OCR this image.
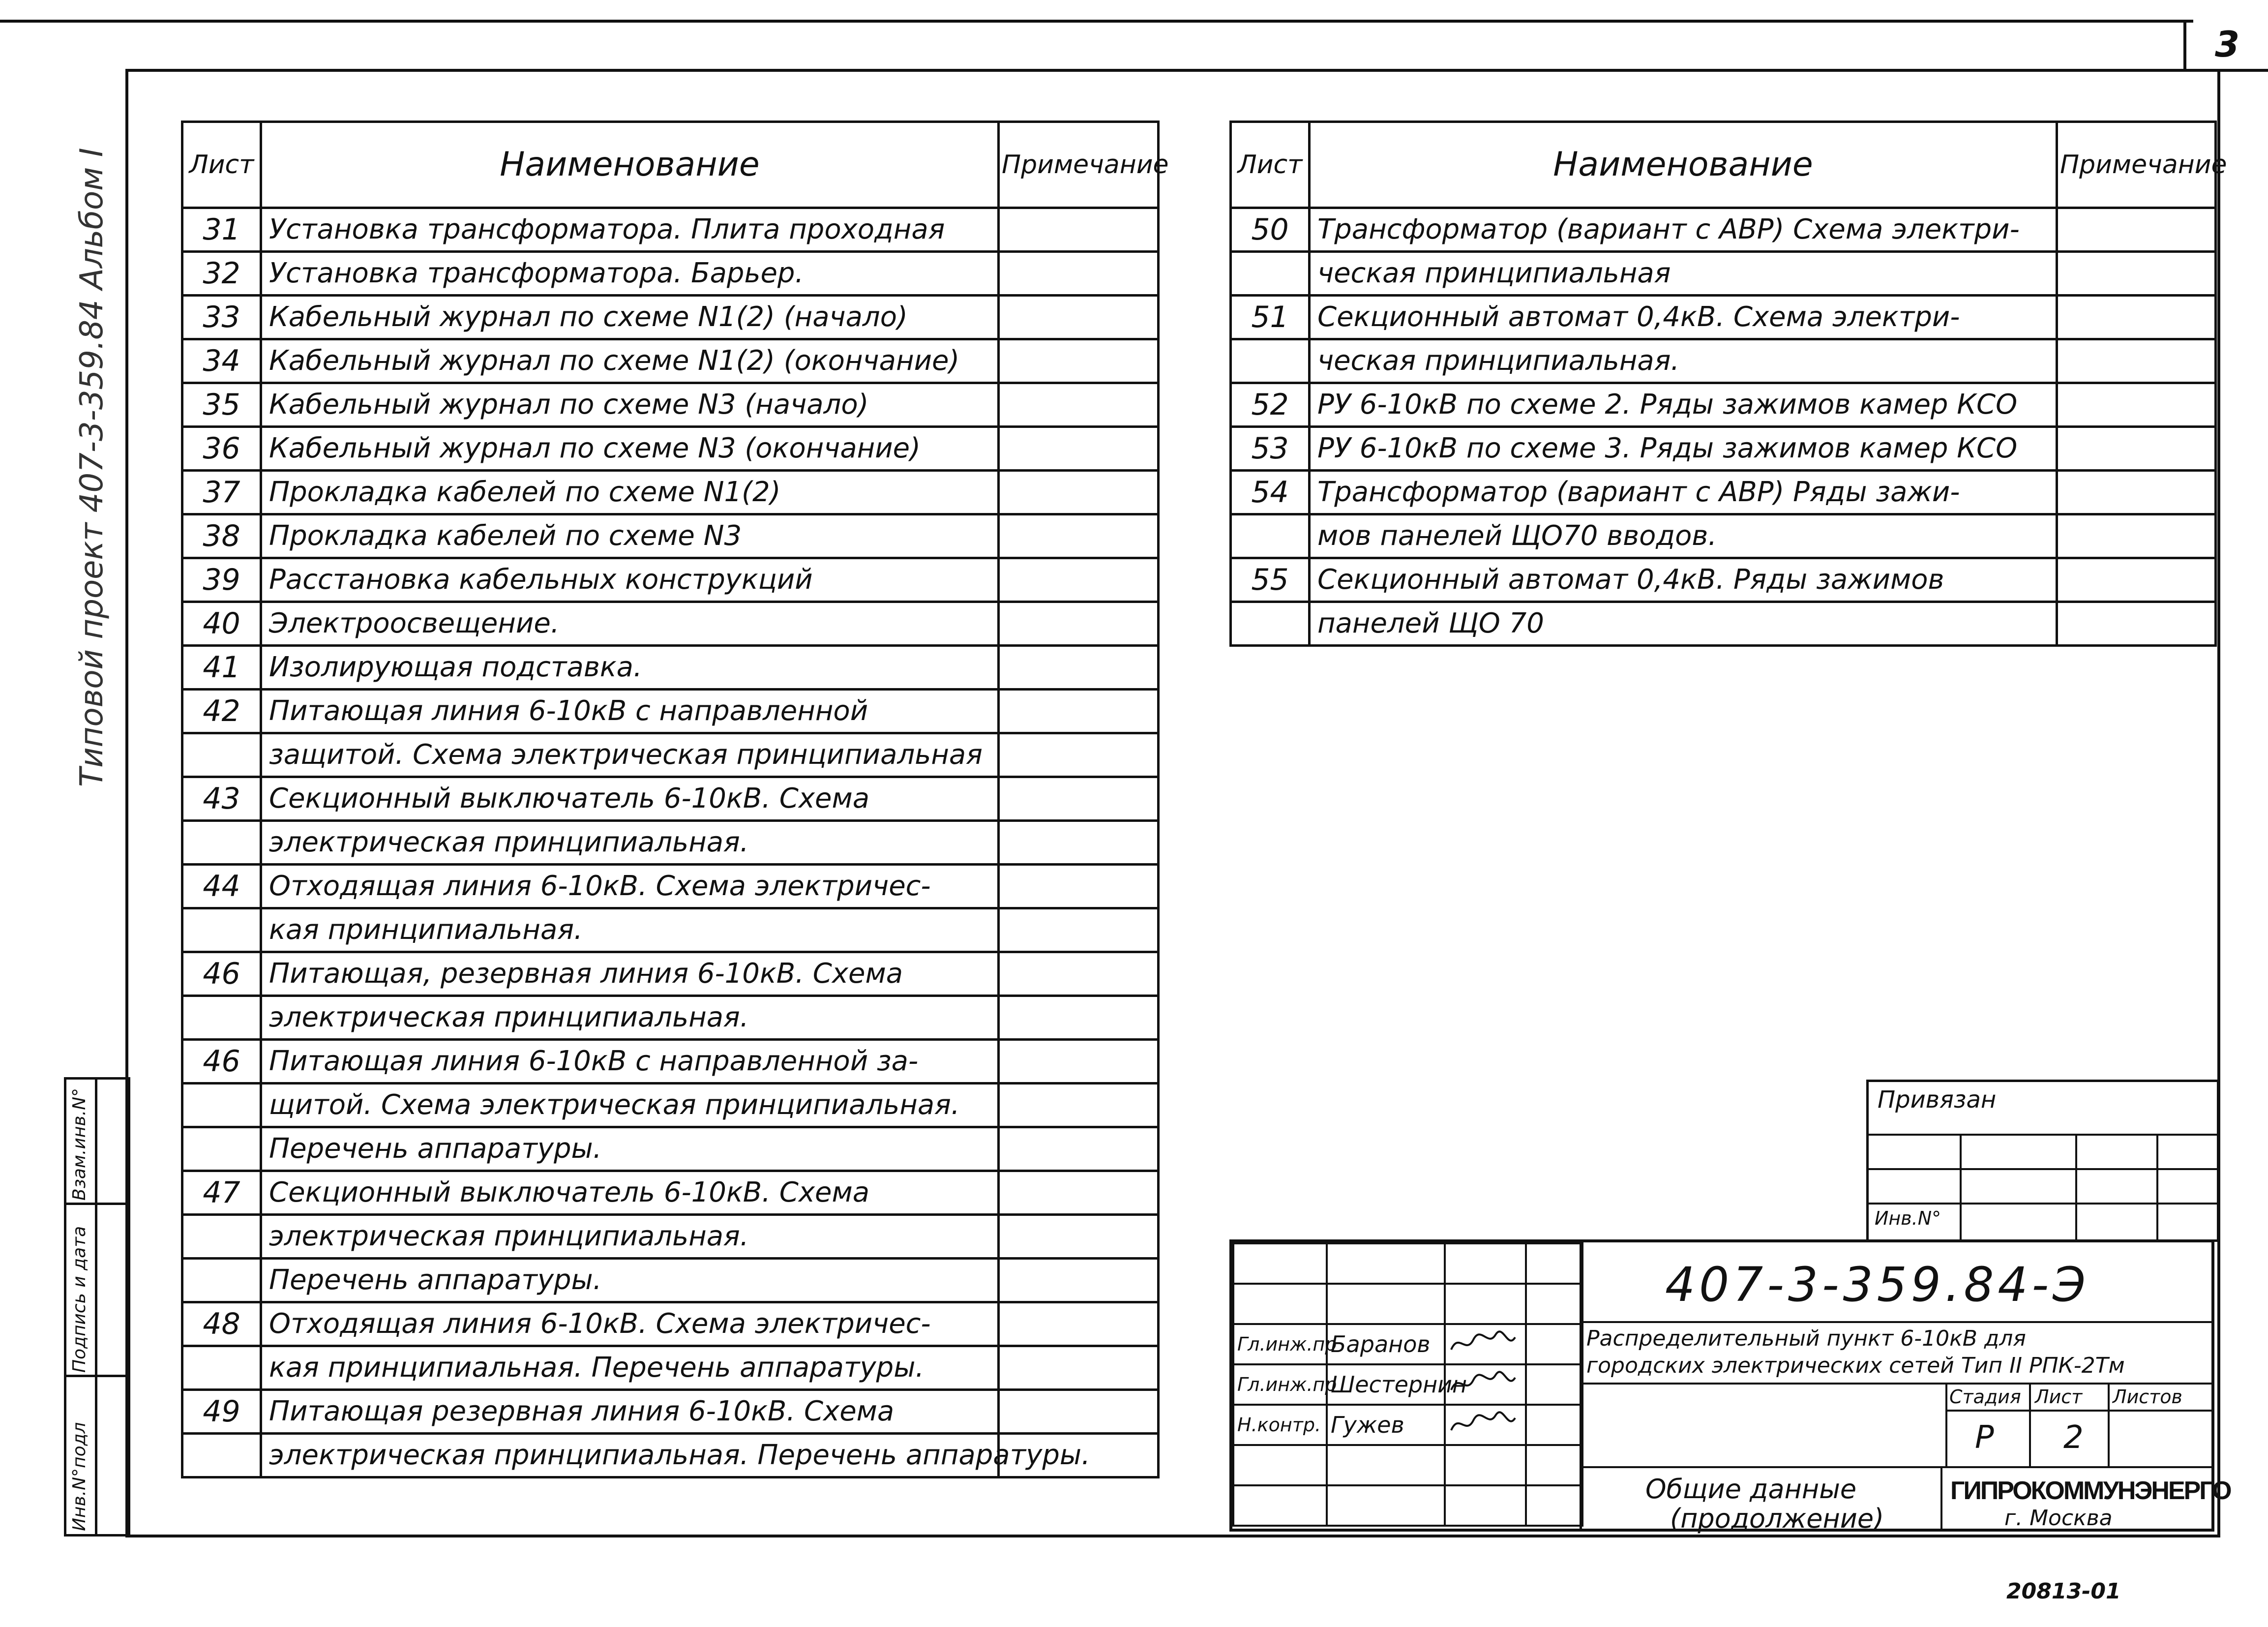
3
Типовой проект 407-3-359.84 Альбом I
Инв.N°подл
Подпись и дата
Взам.инв.N°
Лист	Наименование	Примечание
31	Установка трансформатора. Плита проходная	
32	Установка трансформатора. Барьер.	
33	Кабельный журнал по схеме N1(2) (начало)	
34	Кабельный журнал по схеме N1(2) (окончание)	
35	Кабельный журнал по схеме N3 (начало)	
36	Кабельный журнал по схеме N3 (окончание)	
37	Прокладка кабелей по схеме N1(2)	
38	Прокладка кабелей по схеме N3	
39	Расстановка кабельных конструкций	
40	Электроосвещение.	
41	Изолирующая подставка.	
42	Питающая линия 6-10кВ с направленной	
	защитой. Схема электрическая принципиальная	
43	Секционный выключатель 6-10кВ. Схема	
	электрическая принципиальная.	
44	Отходящая линия 6-10кВ. Схема электричес-	
	кая принципиальная.	
46	Питающая, резервная линия 6-10кВ. Схема	
	электрическая принципиальная.	
46	Питающая линия 6-10кВ с направленной за-	
	щитой. Схема электрическая принципиальная.	
	Перечень аппаратуры.	
47	Секционный выключатель 6-10кВ. Схема	
	электрическая принципиальная.	
	Перечень аппаратуры.	
48	Отходящая линия 6-10кВ. Схема электричес-	
	кая принципиальная. Перечень аппаратуры.	
49	Питающая резервная линия 6-10кВ. Схема	
	электрическая принципиальная. Перечень аппаратуры.	
Лист	Наименование	Примечание
50	Трансформатор (вариант с АВР) Схема электри-	
	ческая принципиальная	
51	Секционный автомат 0,4кВ. Схема электри-	
	ческая принципиальная.	
52	РУ 6-10кВ по схеме 2. Ряды зажимов камер КСО	
53	РУ 6-10кВ по схеме 3. Ряды зажимов камер КСО	
54	Трансформатор (вариант с АВР) Ряды зажи-	
	мов панелей ЩО70 вводов.	
55	Секционный автомат 0,4кВ. Ряды зажимов	
	панелей ЩО 70	
Привязан
Инв.N°

Гл.инж.пр	Баранов		
Гл.инж.пр	Шестернин		
Н.контр.	Гужев		

407-3-359.84-Э
Распределительный пункт 6-10кВ для
городских электрических сетей Тип II РПК-2Тм
Стадия Лист Листов
Р 2
Общие данные
(продолжение)
ГИПРОКОММУНЭНЕРГО
г. Москва
20813-01
